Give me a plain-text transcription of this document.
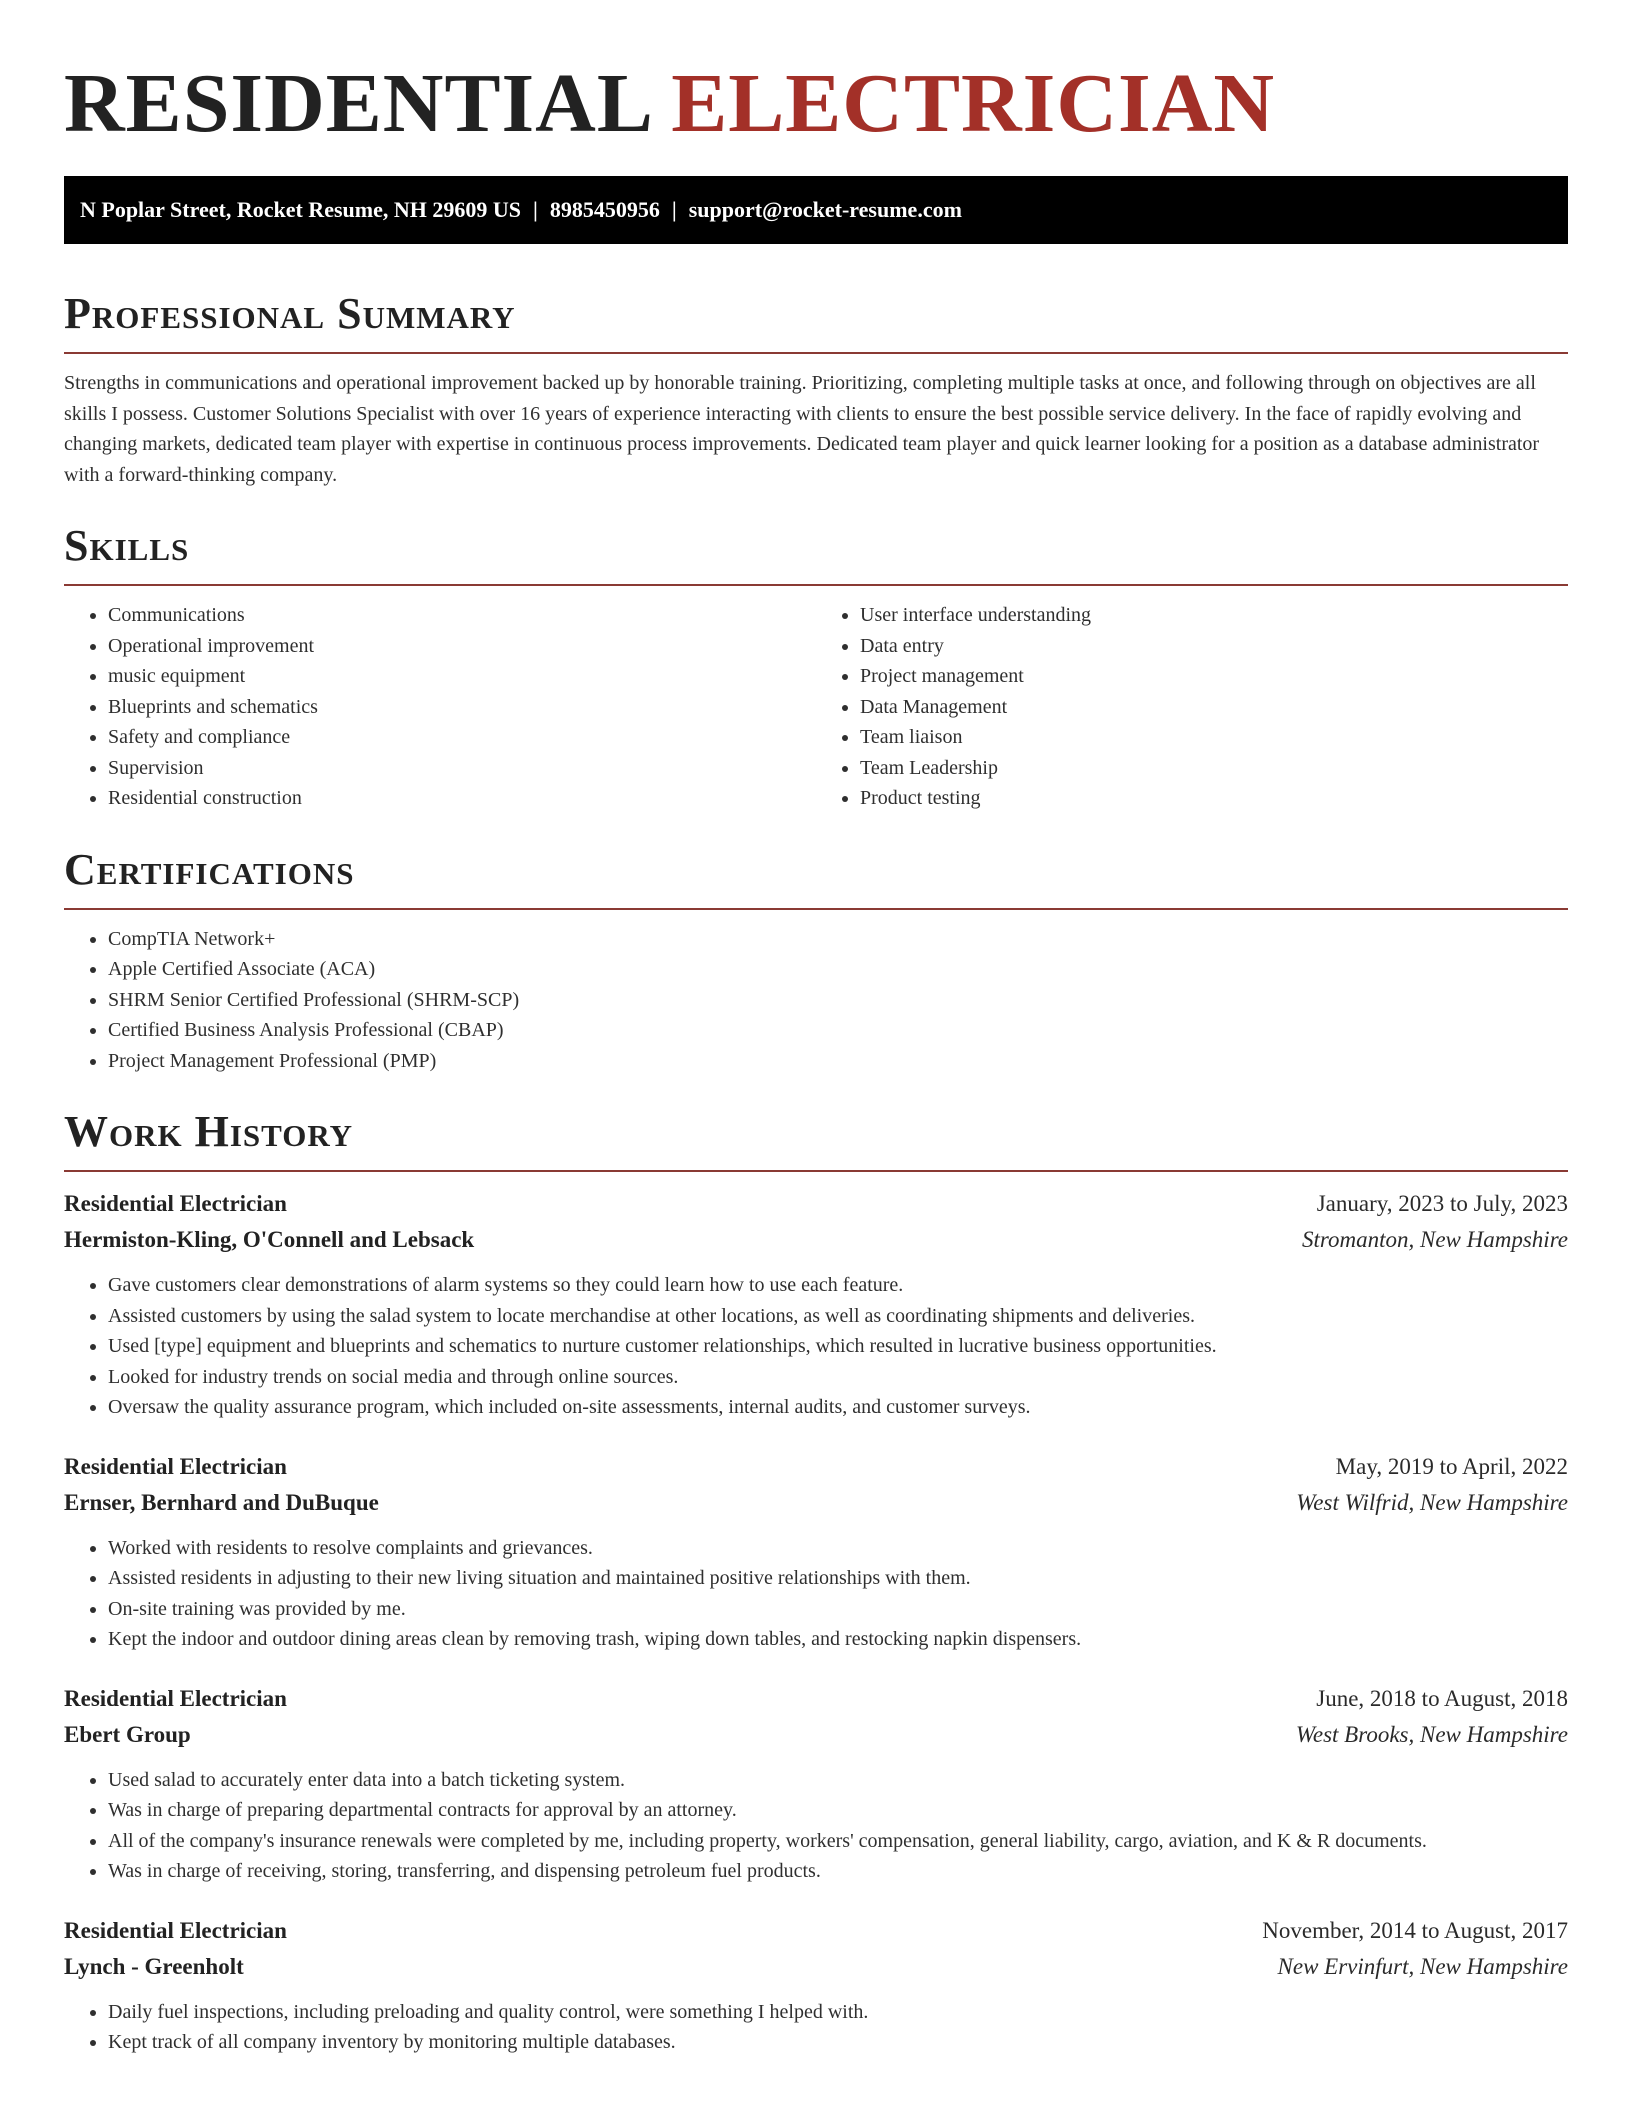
RESIDENTIAL ELECTRICIAN
N Poplar Street, Rocket Resume, NH 29609 US | 8985450956 | support@rocket-resume.com
Professional Summary

Strengths in communications and operational improvement backed up by honorable training. Prioritizing, completing multiple tasks at once, and following through on objectives are all skills I possess. Customer Solutions Specialist with over 16 years of experience interacting with clients to ensure the best possible service delivery. In the face of rapidly evolving and changing markets, dedicated team player with expertise in continuous process improvements. Dedicated team player and quick learner looking for a position as a database administrator with a forward-thinking company.

Skills
• Communications
• Operational improvement
• music equipment
• Blueprints and schematics
• Safety and compliance
• Supervision
• Residential construction
• User interface understanding
• Data entry
• Project management
• Data Management
• Team liaison
• Team Leadership
• Product testing
Certifications
• CompTIA Network+
• Apple Certified Associate (ACA)
• SHRM Senior Certified Professional (SHRM-SCP)
• Certified Business Analysis Professional (CBAP)
• Project Management Professional (PMP)
Work History
Residential Electrician	January, 2023 to July, 2023
Hermiston-Kling, O'Connell and Lebsack	Stromanton, New Hampshire
• Gave customers clear demonstrations of alarm systems so they could learn how to use each feature.
• Assisted customers by using the salad system to locate merchandise at other locations, as well as coordinating shipments and deliveries.
• Used [type] equipment and blueprints and schematics to nurture customer relationships, which resulted in lucrative business opportunities.
• Looked for industry trends on social media and through online sources.
• Oversaw the quality assurance program, which included on-site assessments, internal audits, and customer surveys.
Residential Electrician	May, 2019 to April, 2022
Ernser, Bernhard and DuBuque	West Wilfrid, New Hampshire
• Worked with residents to resolve complaints and grievances.
• Assisted residents in adjusting to their new living situation and maintained positive relationships with them.
• On-site training was provided by me.
• Kept the indoor and outdoor dining areas clean by removing trash, wiping down tables, and restocking napkin dispensers.
Residential Electrician	June, 2018 to August, 2018
Ebert Group	West Brooks, New Hampshire
• Used salad to accurately enter data into a batch ticketing system.
• Was in charge of preparing departmental contracts for approval by an attorney.
• All of the company's insurance renewals were completed by me, including property, workers' compensation, general liability, cargo, aviation, and K & R documents.
• Was in charge of receiving, storing, transferring, and dispensing petroleum fuel products.
Residential Electrician	November, 2014 to August, 2017
Lynch - Greenholt	New Ervinfurt, New Hampshire
• Daily fuel inspections, including preloading and quality control, were something I helped with.
• Kept track of all company inventory by monitoring multiple databases.
